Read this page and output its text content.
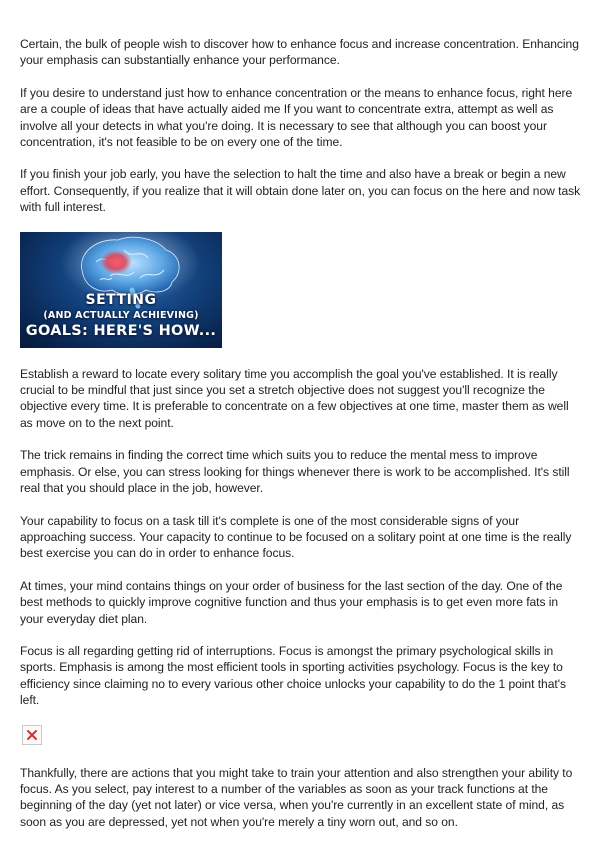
Certain, the bulk of people wish to discover how to enhance focus and increase concentration. Enhancing your emphasis can substantially enhance your performance.

If you desire to understand just how to enhance concentration or the means to enhance focus, right here are a couple of ideas that have actually aided me If you want to concentrate extra, attempt as well as involve all your detects in what you're doing. It is necessary to see that although you can boost your concentration, it's not feasible to be on every one of the time.

If you finish your job early, you have the selection to halt the time and also have a break or begin a new effort. Consequently, if you realize that it will obtain done later on, you can focus on the here and now task with full interest.

SETTING
(AND ACTUALLY ACHIEVING)
GOALS: HERE'S HOW...

Establish a reward to locate every solitary time you accomplish the goal you've established. It is really crucial to be mindful that just since you set a stretch objective does not suggest you'll recognize the objective every time. It is preferable to concentrate on a few objectives at one time, master them as well as move on to the next point.

The trick remains in finding the correct time which suits you to reduce the mental mess to improve emphasis. Or else, you can stress looking for things whenever there is work to be accomplished. It's still real that you should place in the job, however.

Your capability to focus on a task till it's complete is one of the most considerable signs of your approaching success. Your capacity to continue to be focused on a solitary point at one time is the really best exercise you can do in order to enhance focus.

At times, your mind contains things on your order of business for the last section of the day. One of the best methods to quickly improve cognitive function and thus your emphasis is to get even more fats in your everyday diet plan.

Focus is all regarding getting rid of interruptions. Focus is amongst the primary psychological skills in sports. Emphasis is among the most efficient tools in sporting activities psychology. Focus is the key to efficiency since claiming no to every various other choice unlocks your capability to do the 1 point that's left.

Thankfully, there are actions that you might take to train your attention and also strengthen your ability to focus. As you select, pay interest to a number of the variables as soon as your track functions at the beginning of the day (yet not later) or vice versa, when you're currently in an excellent state of mind, as soon as you are depressed, yet not when you're merely a tiny worn out, and so on.
